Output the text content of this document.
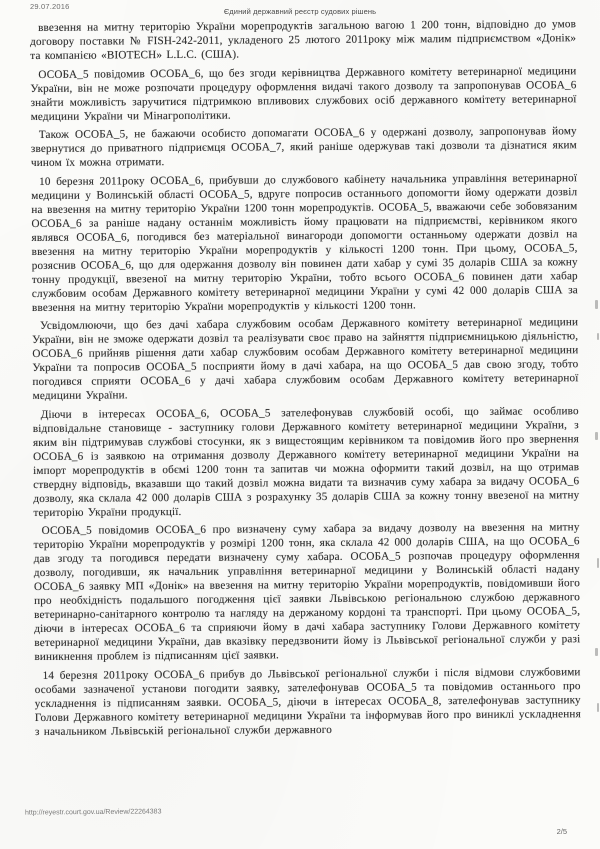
29.07.2016
Єдиний державний реєстр судових рішень

ввезення на митну територію України морепродуктів загальною вагою 1 200 тонн, відповідно до умов договору поставки № FISH-242-2011, укладеного 25 лютого 2011року між малим підприємством «Донік» та компанією «ВІОТЕСН» L.L.C. (США).

ОСОБА_5 повідомив ОСОБА_6, що без згоди керівництва Державного комітету ветеринарної медицини України, він не може розпочати процедуру оформлення видачі такого дозволу та запропонував ОСОБА_6 знайти можливість заручитися підтримкою впливових службових осіб державного комітету ветеринарної медицини України чи Мінагрополітики.

Також ОСОБА_5, не бажаючи особисто допомагати ОСОБА_6 у одержані дозволу, запропонував йому звернутися до приватного підприємця ОСОБА_7, який раніше одержував такі дозволи та дізнатися яким чином їх можна отримати.

10 березня 2011року ОСОБА_6, прибувши до службового кабінету начальника управління ветеринарної медицини у Волинській області ОСОБА_5, вдруге попросив останнього допомогти йому одержати дозвіл на ввезення на митну територію України 1200 тонн морепродуктів. ОСОБА_5, вважаючи себе зобовязаним ОСОБА_6 за раніше надану останнім можливість йому працювати на підприємстві, керівником якого являвся ОСОБА_6, погодився без матеріальної винагороди допомогти останньому одержати дозвіл на ввезення на митну територію України морепродуктів у кількості 1200 тонн. При цьому, ОСОБА_5, розяснив ОСОБА_6, що для одержання дозволу він повинен дати хабар у сумі 35 доларів США за кожну тонну продукції, ввезеної на митну територію України, тобто всього ОСОБА_6 повинен дати хабар службовим особам Державного комітету ветеринарної медицини України у сумі 42 000 доларів США за ввезення на митну територію України морепродуктів у кількості 1200 тонн.

Усвідомлюючи, що без дачі хабара службовим особам Державного комітету ветеринарної медицини України, він не зможе одержати дозвіл та реалізувати своє право на зайняття підприємницькою діяльністю, ОСОБА_6 прийняв рішення дати хабар службовим особам Державного комітету ветеринарної медицини України та попросив ОСОБА_5 посприяти йому в дачі хабара, на що ОСОБА_5 дав свою згоду, тобто погодився сприяти ОСОБА_6 у дачі хабара службовим особам Державного комітету ветеринарної медицини України.

Діючи в інтересах ОСОБА_6, ОСОБА_5 зателефонував службовій особі, що займає особливо відповідальне становище - заступнику голови Державного комітету ветеринарної медицини України, з яким він підтримував службові стосунки, як з вищестоящим керівником та повідомив його про звернення ОСОБА_6 із заявкою на отримання дозволу Державного комітету ветеринарної медицини України на імпорт морепродуктів в обємі 1200 тонн та запитав чи можна оформити такий дозвіл, на що отримав ствердну відповідь, вказавши що такий дозвіл можна видати та визначив суму хабара за видачу ОСОБА_6 дозволу, яка склала 42 000 доларів США з розрахунку 35 доларів США за кожну тонну ввезеної на митну територію України продукції.

ОСОБА_5 повідомив ОСОБА_6 про визначену суму хабара за видачу дозволу на ввезення на митну територію України морепродуктів у розмірі 1200 тонн, яка склала 42 000 доларів США, на що ОСОБА_6 дав згоду та погодився передати визначену суму хабара. ОСОБА_5 розпочав процедуру оформлення дозволу, погодивши, як начальник управління ветеринарної медицини у Волинській області надану ОСОБА_6 заявку МП «Донік» на ввезення на митну територію України морепродуктів, повідомивши його про необхідність подальшого погодження цієї заявки Львівською регіональною службою державного ветеринарно-санітарного контролю та нагляду на держаному кордоні та транспорті. При цьому ОСОБА_5, діючи в інтересах ОСОБА_6 та сприяючи йому в дачі хабара заступнику Голови Державного комітету ветеринарної медицини України, дав вказівку передзвонити йому із Львівської регіональної служби у разі виникнення проблем із підписанням цієї заявки.

14 березня 2011року ОСОБА_6 прибув до Львівської регіональної служби і після відмови службовими особами зазначеної установи погодити заявку, зателефонував ОСОБА_5 та повідомив останнього про ускладнення із підписанням заявки. ОСОБА_5, діючи в інтересах ОСОБА_8, зателефонував заступнику Голови Державного комітету ветеринарної медицини України та інформував його про виниклі ускладнення з начальником Львівській регіональної служби державного

http://reyestr.court.gov.ua/Review/22264383
2/5
